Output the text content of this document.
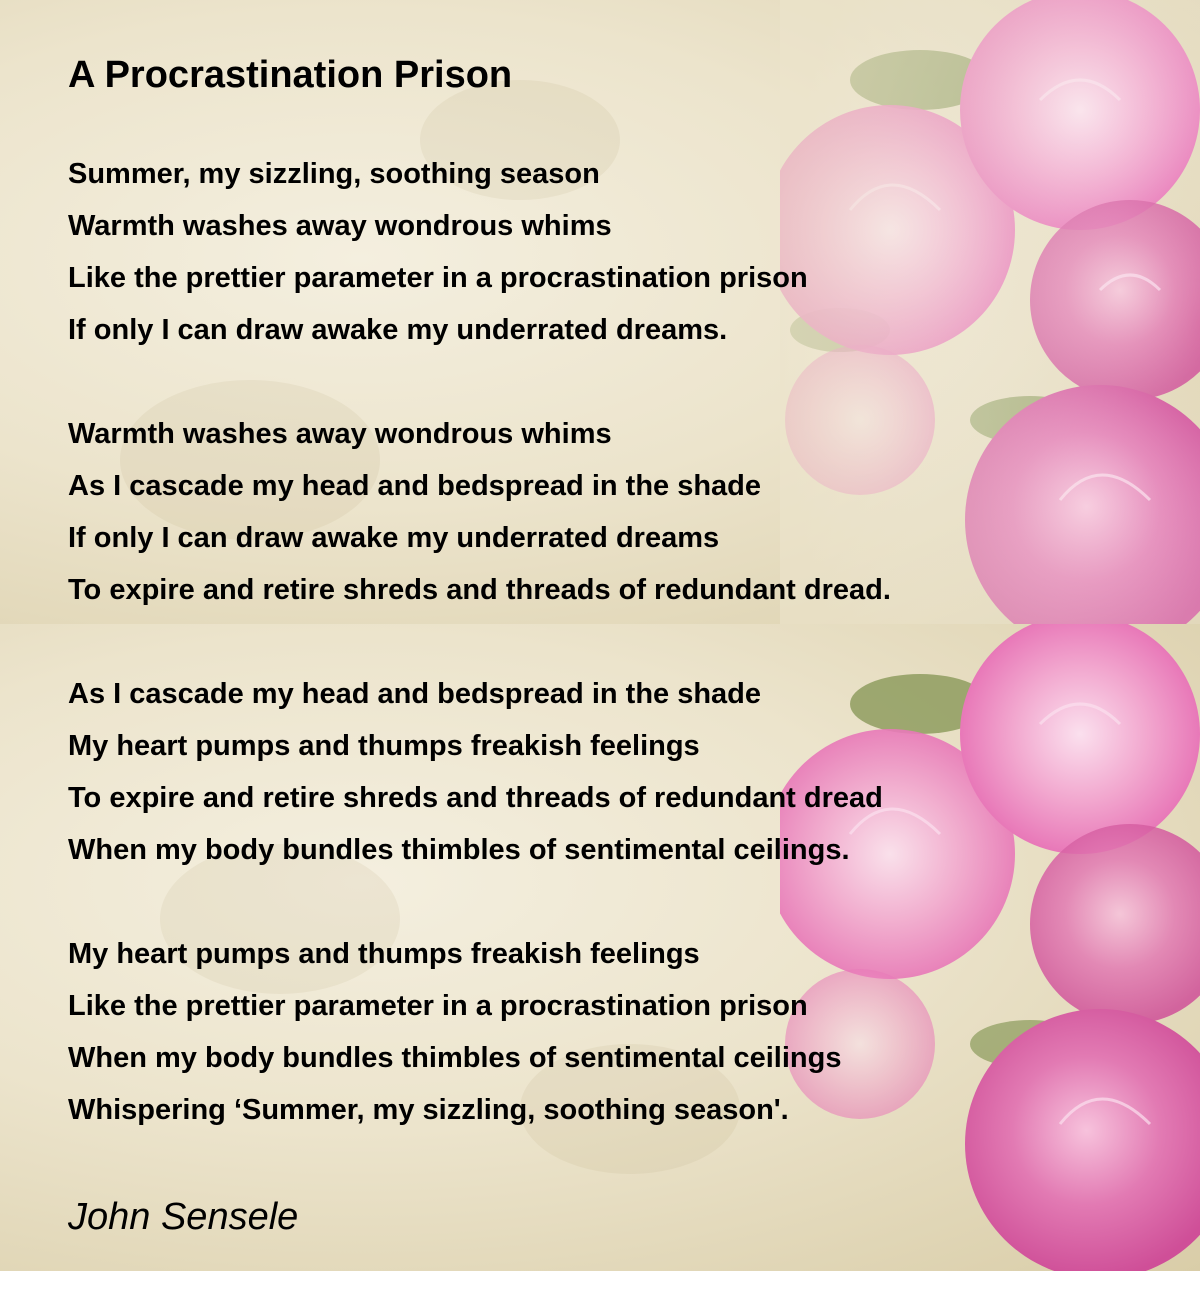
A Procrastination Prison
Summer, my sizzling, soothing season
Warmth washes away wondrous whims
Like the prettier parameter in a procrastination prison
If only I can draw awake my underrated dreams.
Warmth washes away wondrous whims
As I cascade my head and bedspread in the shade
If only I can draw awake my underrated dreams
To expire and retire shreds and threads of redundant dread.
As I cascade my head and bedspread in the shade
My heart pumps and thumps freakish feelings
To expire and retire shreds and threads of redundant dread
When my body bundles thimbles of sentimental ceilings.
My heart pumps and thumps freakish feelings
Like the prettier parameter in a procrastination prison
When my body bundles thimbles of sentimental ceilings
Whispering ‘Summer, my sizzling, soothing season'.

John Sensele
